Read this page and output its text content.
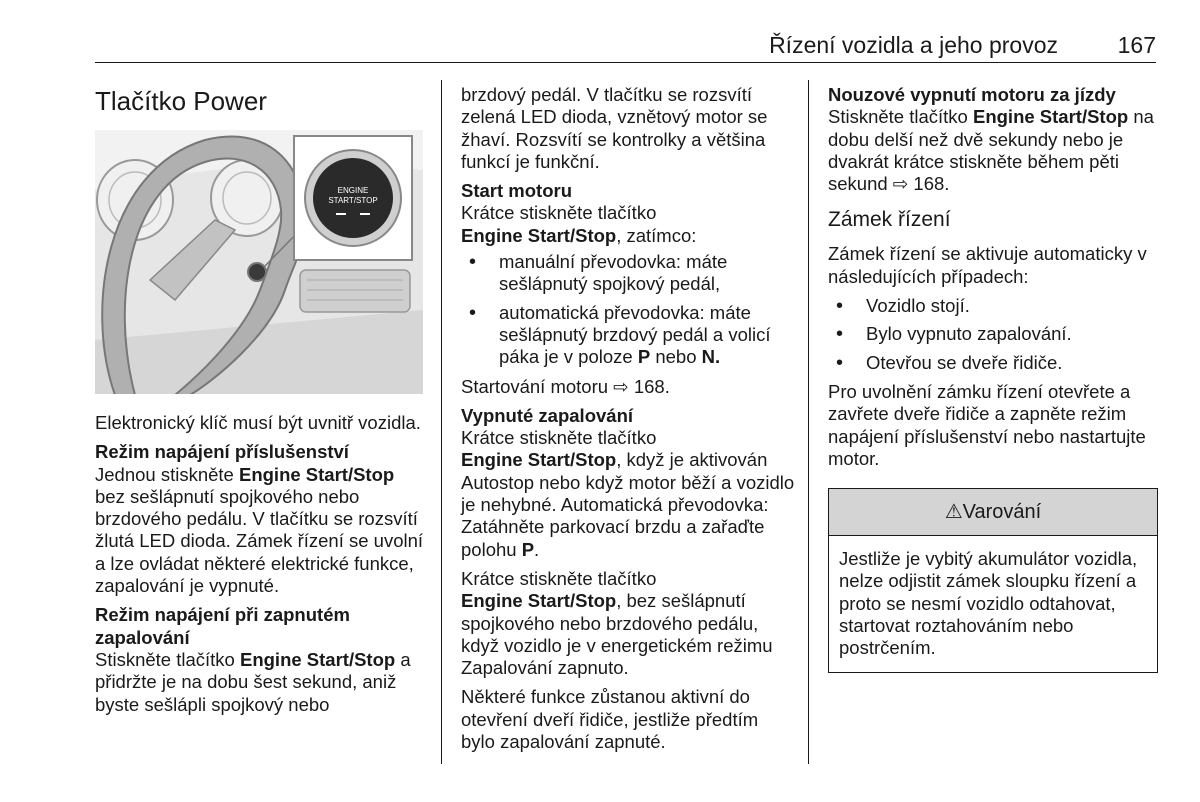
Řízení vozidla a jeho provoz	167
Tlačítko Power
ENGINE
START/STOP

Elektronický klíč musí být uvnitř vozidla.

Režim napájení příslušenství
Jednou stiskněte Engine Start/Stop bez sešlápnutí spojkového nebo brzdového pedálu. V tlačítku se rozsvítí žlutá LED dioda. Zámek řízení se uvolní a lze ovládat některé elektrické funkce, zapalování je vypnuté.

Režim napájení při zapnutém zapalování
Stiskněte tlačítko Engine Start/Stop a přidržte je na dobu šest sekund, aniž byste sešlápli spojkový nebo

brzdový pedál. V tlačítku se rozsvítí zelená LED dioda, vznětový motor se žhaví. Rozsvítí se kontrolky a většina funkcí je funkční.

Start motoru
Krátce stiskněte tlačítko
Engine Start/Stop, zatímco:

• manuální převodovka: máte sešlápnutý spojkový pedál,
• automatická převodovka: máte sešlápnutý brzdový pedál a volicí páka je v poloze P nebo N.

Startování motoru ⇨ 168.

Vypnuté zapalování
Krátce stiskněte tlačítko
Engine Start/Stop, když je aktivován Autostop nebo když motor běží a vozidlo je nehybné. Automatická převodovka: Zatáhněte parkovací brzdu a zařaďte polohu P.

Krátce stiskněte tlačítko
Engine Start/Stop, bez sešlápnutí spojkového nebo brzdového pedálu, když vozidlo je v energetickém režimu Zapalování zapnuto.

Některé funkce zůstanou aktivní do otevření dveří řidiče, jestliže předtím bylo zapalování zapnuté.

Nouzové vypnutí motoru za jízdy
Stiskněte tlačítko Engine Start/Stop na dobu delší než dvě sekundy nebo je dvakrát krátce stiskněte během pěti sekund ⇨ 168.

Zámek řízení

Zámek řízení se aktivuje automaticky v následujících případech:

• Vozidlo stojí.
• Bylo vypnuto zapalování.
• Otevřou se dveře řidiče.

Pro uvolnění zámku řízení otevřete a zavřete dveře řidiče a zapněte režim napájení příslušenství nebo nastartujte motor.

⚠Varování
Jestliže je vybitý akumulátor vozidla, nelze odjistit zámek sloupku řízení a proto se nesmí vozidlo odtahovat, startovat roztahováním nebo postrčením.
